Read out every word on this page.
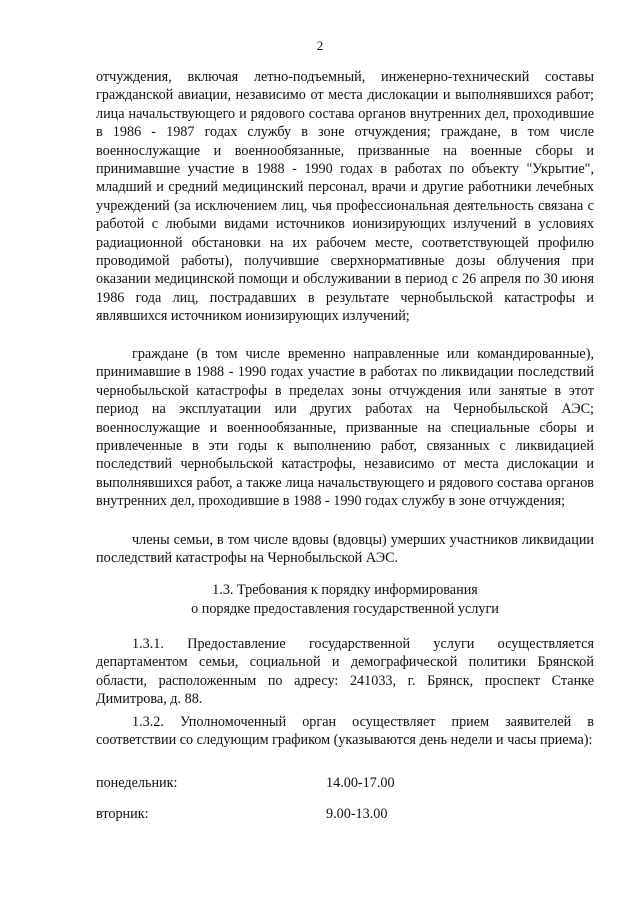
2

отчуждения, включая летно-подъемный, инженерно-технический составы гражданской авиации, независимо от места дислокации и выполнявшихся работ; лица начальствующего и рядового состава органов внутренних дел, проходившие в 1986 - 1987 годах службу в зоне отчуждения; граждане, в том числе военнослужащие и военнообязанные, призванные на военные сборы и принимавшие участие в 1988 - 1990 годах в работах по объекту "Укрытие", младший и средний медицинский персонал, врачи и другие работники лечебных учреждений (за исключением лиц, чья профессиональная деятельность связана с работой с любыми видами источников ионизирующих излучений в условиях радиационной обстановки на их рабочем месте, соответствующей профилю проводимой работы), получившие сверхнормативные дозы облучения при оказании медицинской помощи и обслуживании в период с 26 апреля по 30 июня 1986 года лиц, пострадавших в результате чернобыльской катастрофы и являвшихся источником ионизирующих излучений;

граждане (в том числе временно направленные или командированные), принимавшие в 1988 - 1990 годах участие в работах по ликвидации последствий чернобыльской катастрофы в пределах зоны отчуждения или занятые в этот период на эксплуатации или других работах на Чернобыльской АЭС; военнослужащие и военнообязанные, призванные на специальные сборы и привлеченные в эти годы к выполнению работ, связанных с ликвидацией последствий чернобыльской катастрофы, независимо от места дислокации и выполнявшихся работ, а также лица начальствующего и рядового состава органов внутренних дел, проходившие в 1988 - 1990 годах службу в зоне отчуждения;

члены семьи, в том числе вдовы (вдовцы) умерших участников ликвидации последствий катастрофы на Чернобыльской АЭС.

1.3. Требования к порядку информирования
о порядке предоставления государственной услуги

1.3.1. Предоставление государственной услуги осуществляется департаментом семьи, социальной и демографической политики Брянской области, расположенным по адресу: 241033, г. Брянск, проспект Станке Димитрова, д. 88.

1.3.2. Уполномоченный орган осуществляет прием заявителей в соответствии со следующим графиком (указываются день недели и часы приема):

понедельник:	14.00-17.00
вторник:	9.00-13.00
